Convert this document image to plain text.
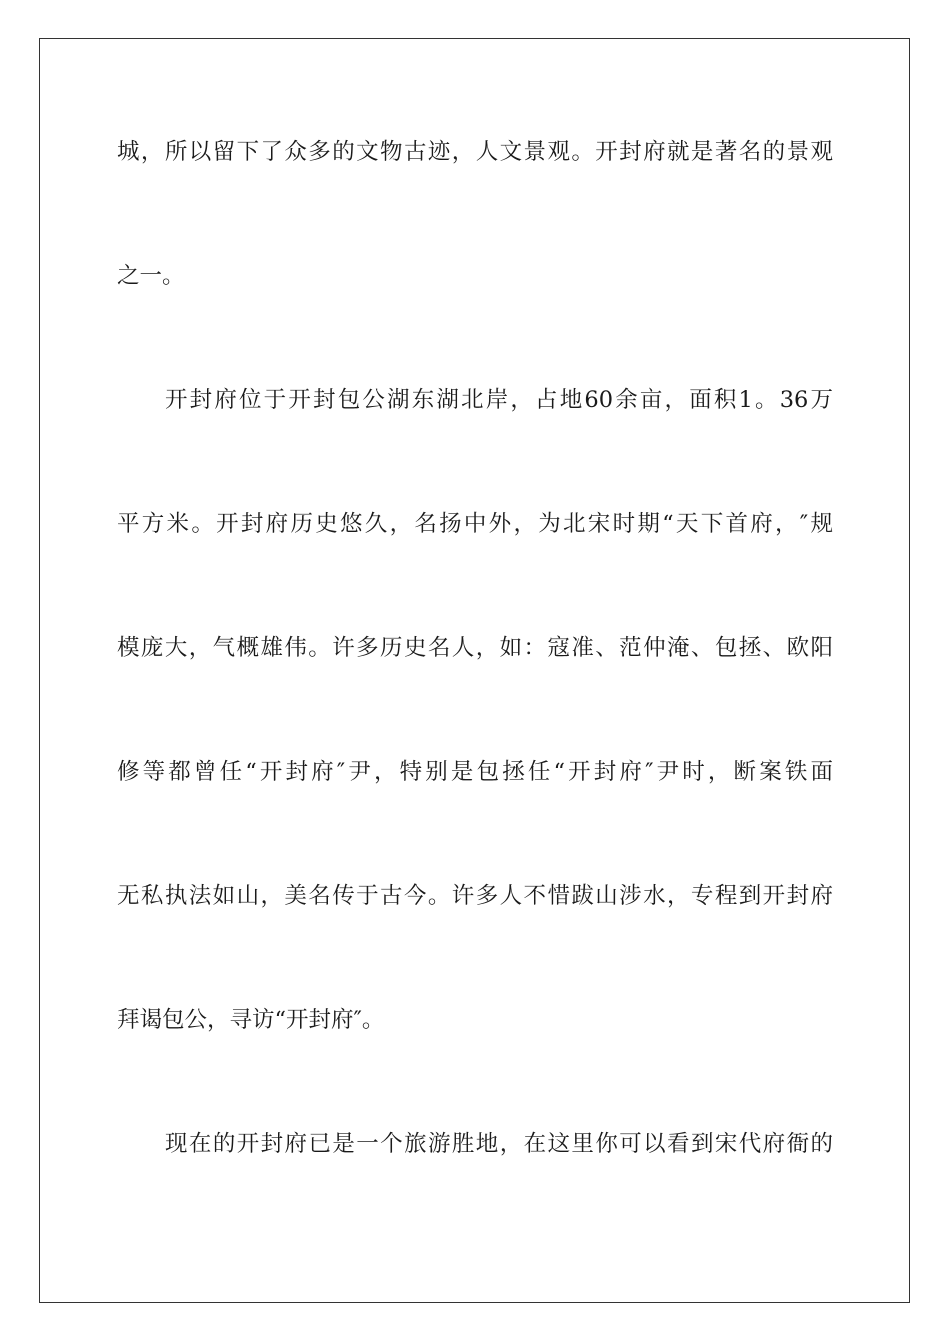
城，所以留下了众多的文物古迹，人文景观。开封府就是著名的景观
之一。
开封府位于开封包公湖东湖北岸，占地60余亩，面积1。36万
平方米。开封府历史悠久，名扬中外，为北宋时期“天下首府，″规
模庞大，气概雄伟。许多历史名人，如：寇准、范仲淹、包拯、欧阳
修等都曾任“开封府″尹，特别是包拯任“开封府″尹时，断案铁面
无私执法如山，美名传于古今。许多人不惜跋山涉水，专程到开封府
拜谒包公，寻访“开封府″。
现在的开封府已是一个旅游胜地，在这里你可以看到宋代府衙的
